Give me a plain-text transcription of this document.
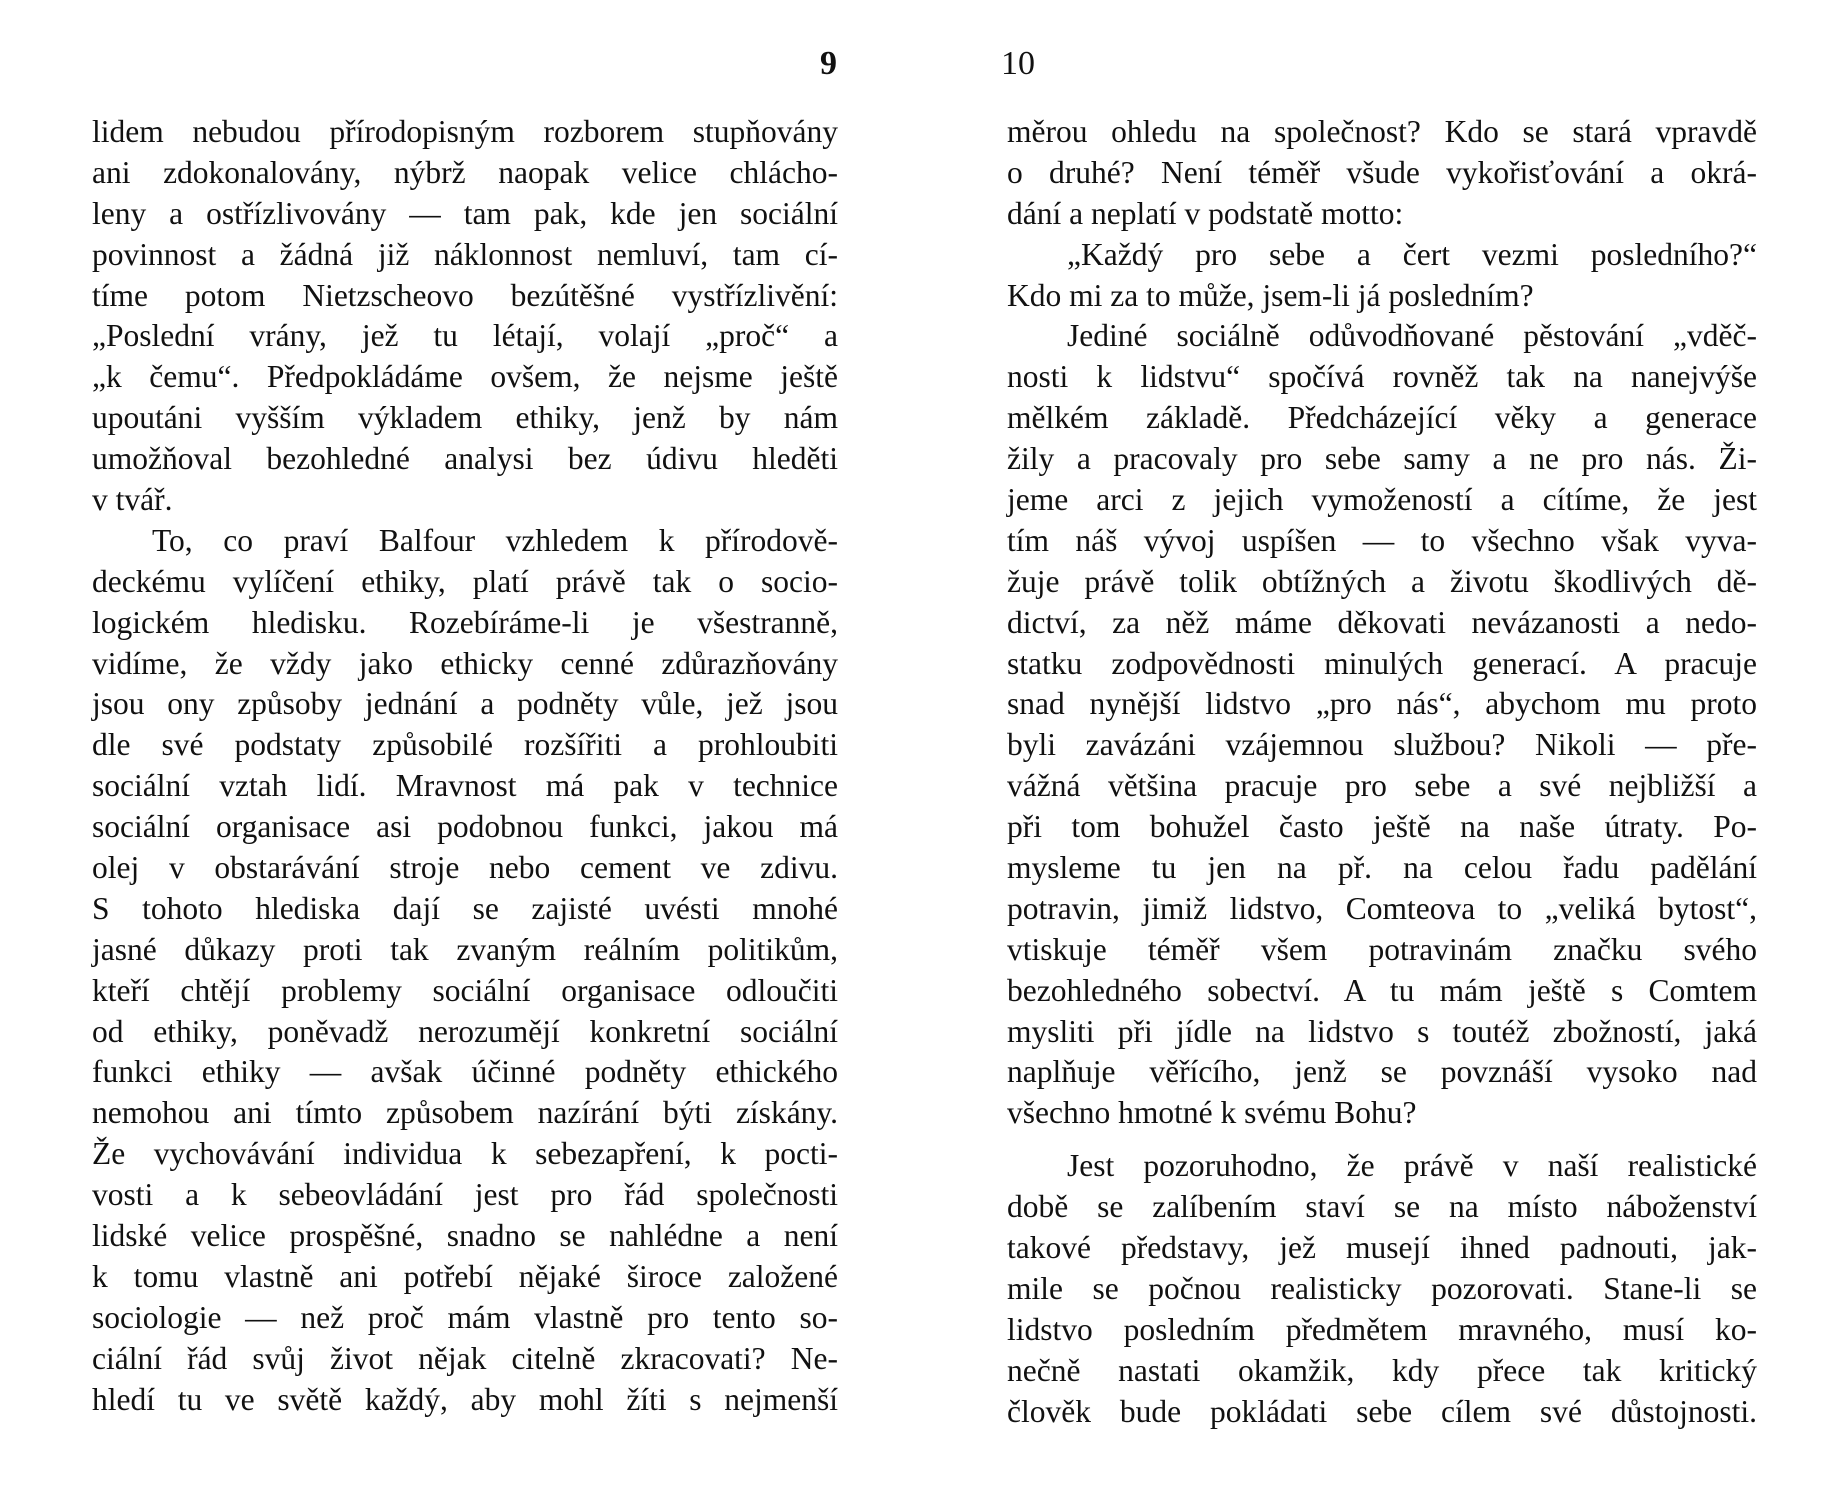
9
lidem nebudou přírodopisným rozborem stupňovány
ani zdokonalovány, nýbrž naopak velice chlácho-
leny a ostřízlivovány — tam pak, kde jen sociální
povinnost a žádná již náklonnost nemluví, tam cí-
tíme potom Nietzscheovo bezútěšné vystřízlivění:
„Poslední vrány, jež tu létají, volají „proč“ a
„k čemu“. Předpokládáme ovšem, že nejsme ještě
upoutáni vyšším výkladem ethiky, jenž by nám
umožňoval bezohledné analysi bez údivu hleděti
v tvář.
To, co praví Balfour vzhledem k přírodově-
deckému vylíčení ethiky, platí právě tak o socio-
logickém hledisku. Rozebíráme-li je všestranně,
vidíme, že vždy jako ethicky cenné zdůrazňovány
jsou ony způsoby jednání a podněty vůle, jež jsou
dle své podstaty způsobilé rozšířiti a prohloubiti
sociální vztah lidí. Mravnost má pak v technice
sociální organisace asi podobnou funkci, jakou má
olej v obstarávání stroje nebo cement ve zdivu.
S tohoto hlediska dají se zajisté uvésti mnohé
jasné důkazy proti tak zvaným reálním politikům,
kteří chtějí problemy sociální organisace odloučiti
od ethiky, poněvadž nerozumějí konkretní sociální
funkci ethiky — avšak účinné podněty ethického
nemohou ani tímto způsobem nazírání býti získány.
Že vychovávání individua k sebezapření, k pocti-
vosti a k sebeovládání jest pro řád společnosti
lidské velice prospěšné, snadno se nahlédne a není
k tomu vlastně ani potřebí nějaké široce založené
sociologie — než proč mám vlastně pro tento so-
ciální řád svůj život nějak citelně zkracovati? Ne-
hledí tu ve světě každý, aby mohl žíti s nejmenší
10
měrou ohledu na společnost? Kdo se stará vpravdě
o druhé? Není téměř všude vykořisťování a okrá-
dání a neplatí v podstatě motto:
„Každý pro sebe a čert vezmi posledního?“
Kdo mi za to může, jsem-li já posledním?
Jediné sociálně odůvodňované pěstování „vděč-
nosti k lidstvu“ spočívá rovněž tak na nanejvýše
mělkém základě. Předcházející věky a generace
žily a pracovaly pro sebe samy a ne pro nás. Ži-
jeme arci z jejich vymožeností a cítíme, že jest
tím náš vývoj uspíšen — to všechno však vyva-
žuje právě tolik obtížných a životu škodlivých dě-
dictví, za něž máme děkovati nevázanosti a nedo-
statku zodpovědnosti minulých generací. A pracuje
snad nynější lidstvo „pro nás“, abychom mu proto
byli zavázáni vzájemnou službou? Nikoli — pře-
vážná většina pracuje pro sebe a své nejbližší a
při tom bohužel často ještě na naše útraty. Po-
mysleme tu jen na př. na celou řadu padělání
potravin, jimiž lidstvo, Comteova to „veliká bytost“,
vtiskuje téměř všem potravinám značku svého
bezohledného sobectví. A tu mám ještě s Comtem
mysliti při jídle na lidstvo s toutéž zbožností, jaká
naplňuje věřícího, jenž se povznáší vysoko nad
všechno hmotné k svému Bohu?
Jest pozoruhodno, že právě v naší realistické
době se zalíbením staví se na místo náboženství
takové představy, jež musejí ihned padnouti, jak-
mile se počnou realisticky pozorovati. Stane-li se
lidstvo posledním předmětem mravného, musí ko-
nečně nastati okamžik, kdy přece tak kritický
člověk bude pokládati sebe cílem své důstojnosti.
